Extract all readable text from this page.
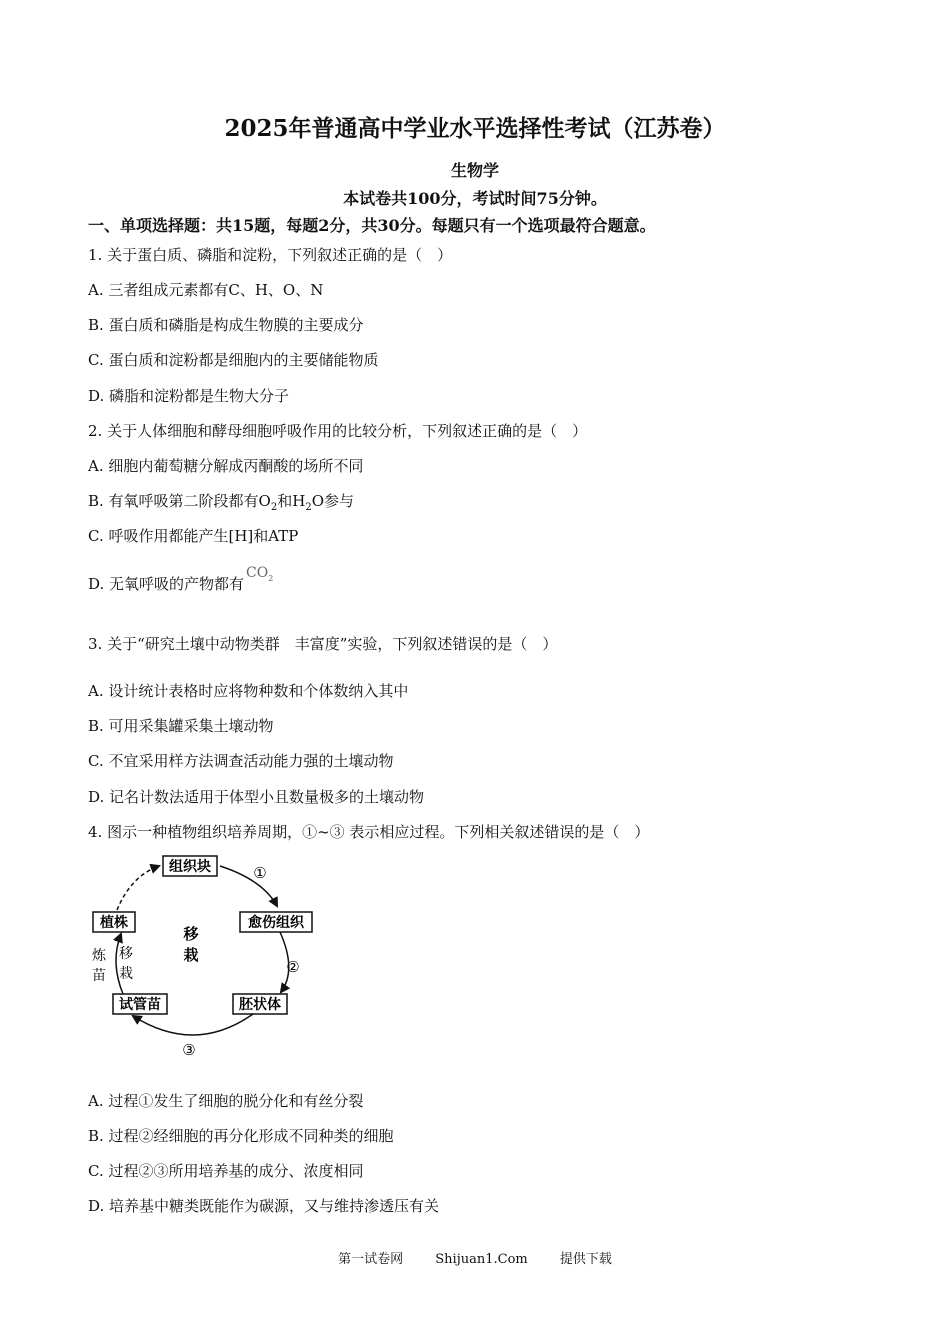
2025年普通高中学业水平选择性考试（江苏卷）
生物学
本试卷共100分，考试时间75分钟。
一、单项选择题：共15题，每题2分，共30分。每题只有一个选项最符合题意。
1. 关于蛋白质、磷脂和淀粉，下列叙述正确的是（　）
A. 三者组成元素都有C、H、O、N
B. 蛋白质和磷脂是构成生物膜的主要成分
C. 蛋白质和淀粉都是细胞内的主要储能物质
D. 磷脂和淀粉都是生物大分子
2. 关于人体细胞和酵母细胞呼吸作用的比较分析，下列叙述正确的是（　）
A. 细胞内葡萄糖分解成丙酮酸的场所不同
B. 有氧呼吸第二阶段都有$O_2$和$H_2O$参与
C. 呼吸作用都能产生[H]和ATP
D. 无氧呼吸的产物都有$CO_2$
3. 关于“研究土壤中动物类群　丰富度”实验，下列叙述错误的是（　）
A. 设计统计表格时应将物种数和个体数纳入其中
B. 可用采集罐采集土壤动物
C. 不宜采用样方法调查活动能力强的土壤动物
D. 记名计数法适用于体型小且数量极多的土壤动物
4. 图示一种植物组织培养周期，①~③ 表示相应过程。下列相关叙述错误的是（　）
组织块
愈伤组织
胚状体
试管苗
植株
①
②
③
移
栽
炼
苗
移
栽
A. 过程①发生了细胞的脱分化和有丝分裂
B. 过程②经细胞的再分化形成不同种类的细胞
C. 过程②③所用培养基的成分、浓度相同
D. 培养基中糖类既能作为碳源，又与维持渗透压有关
第一试卷网 Shijuan1.Com 提供下载
